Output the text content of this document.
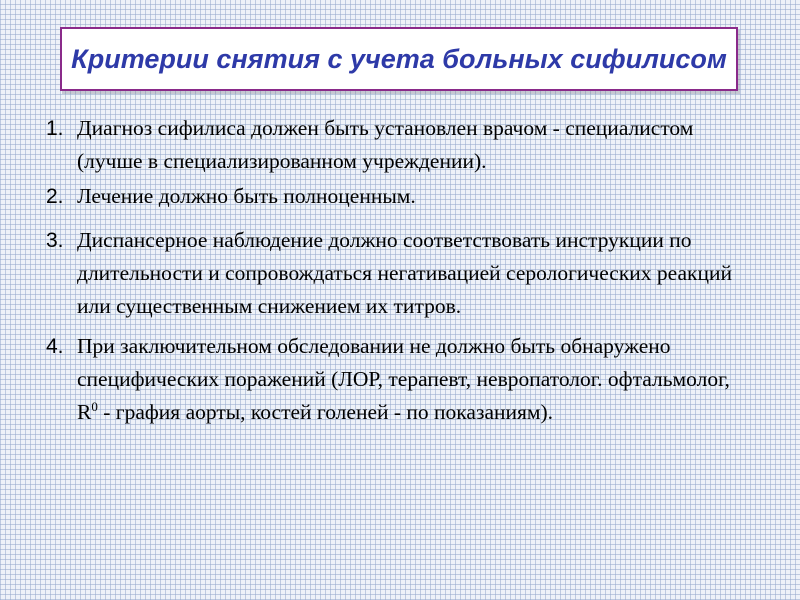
Критерии снятия с учета больных сифилисом
1. Диагноз сифилиса должен быть установлен врачом - специалистом (лучше в специализированном учреждении).
2. Лечение должно быть полноценным.
3. Диспансерное наблюдение должно соответствовать инструкции по длительности и сопровождаться негативацией серологических реакций или существенным снижением их титров.
4. При заключительном обследовании не должно быть обнаружено специфических поражений (ЛОР, терапевт, невропатолог. офтальмолог, $R^0$ - графия аорты, костей голеней - по показаниям).
